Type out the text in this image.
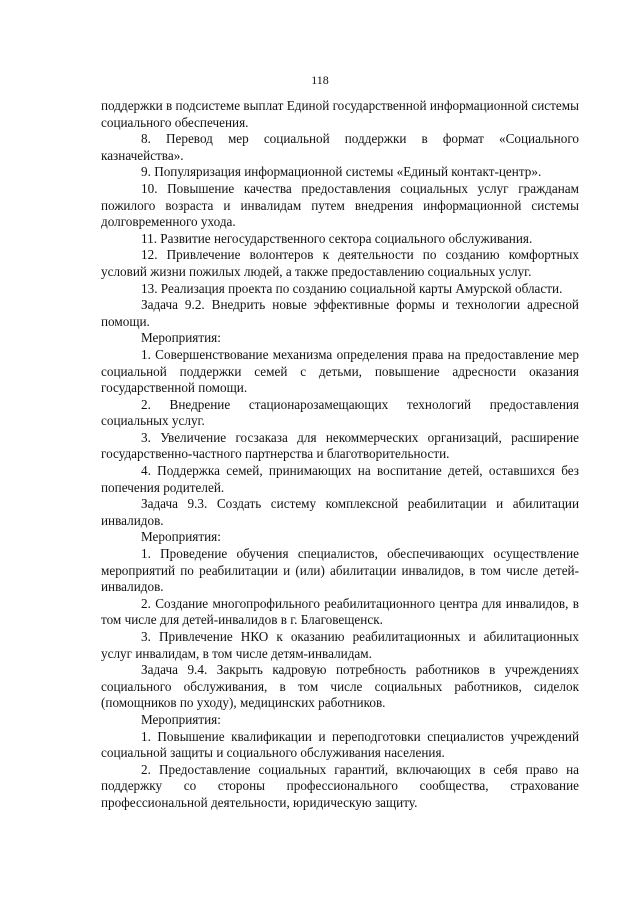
118

поддержки в подсистеме выплат Единой государственной информационной системы социального обеспечения.

8. Перевод мер социальной поддержки в формат «Социального казначейства».

9. Популяризация информационной системы «Единый контакт-центр».

10. Повышение качества предоставления социальных услуг гражданам пожилого возраста и инвалидам путем внедрения информационной системы долговременного ухода.

11. Развитие негосударственного сектора социального обслуживания.

12. Привлечение волонтеров к деятельности по созданию комфортных условий жизни пожилых людей, а также предоставлению социальных услуг.

13. Реализация проекта по созданию социальной карты Амурской области.

Задача 9.2. Внедрить новые эффективные формы и технологии адресной помощи.

Мероприятия:

1. Совершенствование механизма определения права на предоставление мер социальной поддержки семей с детьми, повышение адресности оказания государственной помощи.

2. Внедрение стационарозамещающих технологий предоставления социальных услуг.

3. Увеличение госзаказа для некоммерческих организаций, расширение государственно-частного партнерства и благотворительности.

4. Поддержка семей, принимающих на воспитание детей, оставшихся без попечения родителей.

Задача 9.3. Создать систему комплексной реабилитации и абилитации инвалидов.

Мероприятия:

1. Проведение обучения специалистов, обеспечивающих осуществление мероприятий по реабилитации и (или) абилитации инвалидов, в том числе детей-инвалидов.

2. Создание многопрофильного реабилитационного центра для инвалидов, в том числе для детей-инвалидов в г. Благовещенск.

3. Привлечение НКО к оказанию реабилитационных и абилитационных услуг инвалидам, в том числе детям-инвалидам.

Задача 9.4. Закрыть кадровую потребность работников в учреждениях социального обслуживания, в том числе социальных работников, сиделок (помощников по уходу), медицинских работников.

Мероприятия:

1. Повышение квалификации и переподготовки специалистов учреждений социальной защиты и социального обслуживания населения.

2. Предоставление социальных гарантий, включающих в себя право на поддержку со стороны профессионального сообщества, страхование профессиональной деятельности, юридическую защиту.
